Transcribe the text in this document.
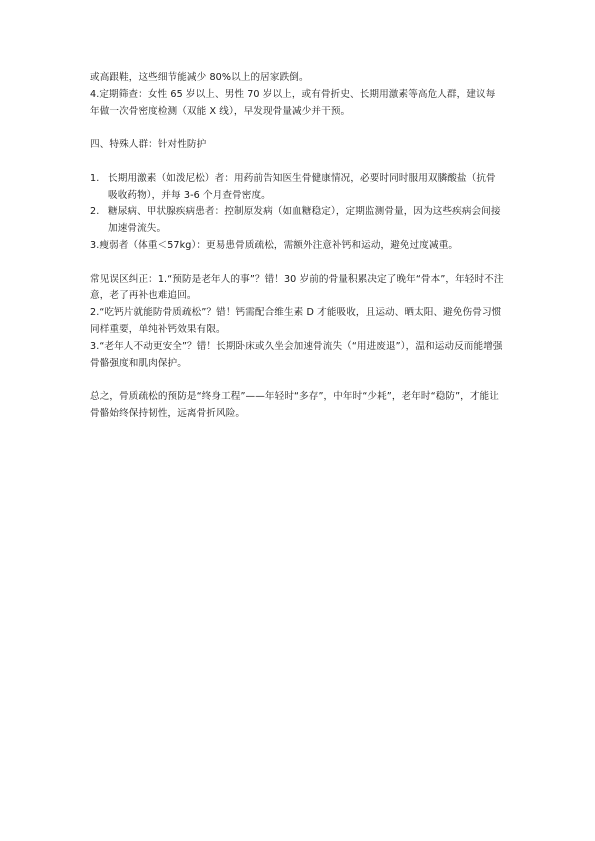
或高跟鞋，这些细节能减少 80%以上的居家跌倒。

4.定期筛查：女性 65 岁以上、男性 70 岁以上，或有骨折史、长期用激素等高危人群，建议每年做一次骨密度检测（双能 X 线），早发现骨量减少并干预。

四、特殊人群：针对性防护

1. 长期用激素（如泼尼松）者：用药前告知医生骨健康情况，必要时同时服用双膦酸盐（抗骨吸收药物），并每 3-6 个月查骨密度。
2. 糖尿病、甲状腺疾病患者：控制原发病（如血糖稳定），定期监测骨量，因为这些疾病会间接加速骨流失。

3.瘦弱者（体重＜57kg）：更易患骨质疏松，需额外注意补钙和运动，避免过度减重。

常见误区纠正：1.“预防是老年人的事”？错！30 岁前的骨量积累决定了晚年“骨本”，年轻时不注意，老了再补也难追回。

2.“吃钙片就能防骨质疏松”？错！钙需配合维生素 D 才能吸收，且运动、晒太阳、避免伤骨习惯同样重要，单纯补钙效果有限。

3.“老年人不动更安全”？错！长期卧床或久坐会加速骨流失（“用进废退”），温和运动反而能增强骨骼强度和肌肉保护。

总之，骨质疏松的预防是“终身工程”——年轻时“多存”，中年时“少耗”，老年时“稳防”，才能让骨骼始终保持韧性，远离骨折风险。
